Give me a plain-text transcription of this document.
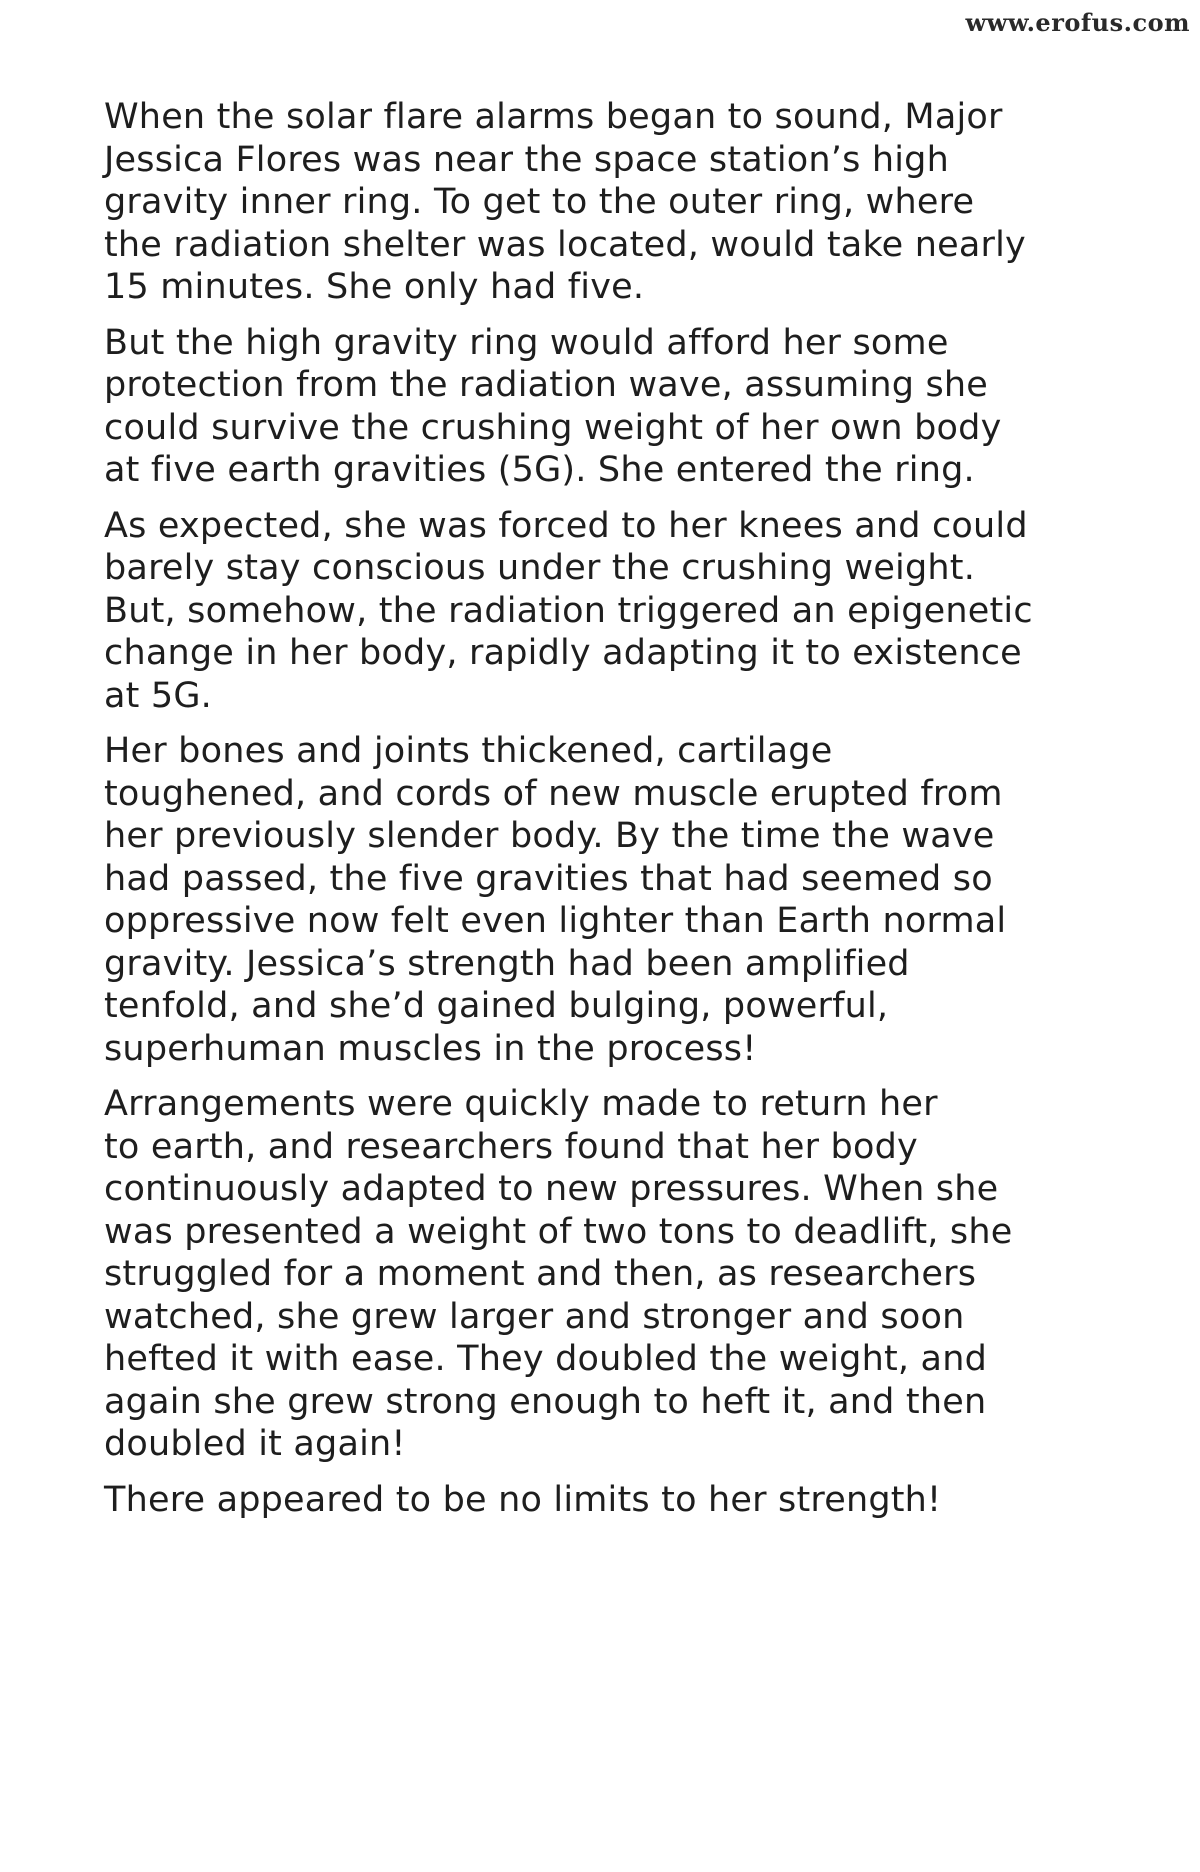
www.erofus.com

When the solar flare alarms began to sound, Major
Jessica Flores was near the space station’s high
gravity inner ring. To get to the outer ring, where
the radiation shelter was located, would take nearly
15 minutes. She only had five.

But the high gravity ring would afford her some
protection from the radiation wave, assuming she
could survive the crushing weight of her own body
at five earth gravities (5G). She entered the ring.

As expected, she was forced to her knees and could
barely stay conscious under the crushing weight.
But, somehow, the radiation triggered an epigenetic
change in her body, rapidly adapting it to existence
at 5G.

Her bones and joints thickened, cartilage
toughened, and cords of new muscle erupted from
her previously slender body. By the time the wave
had passed, the five gravities that had seemed so
oppressive now felt even lighter than Earth normal
gravity. Jessica’s strength had been amplified
tenfold, and she’d gained bulging, powerful,
superhuman muscles in the process!

Arrangements were quickly made to return her
to earth, and researchers found that her body
continuously adapted to new pressures. When she
was presented a weight of two tons to deadlift, she
struggled for a moment and then, as researchers
watched, she grew larger and stronger and soon
hefted it with ease. They doubled the weight, and
again she grew strong enough to heft it, and then
doubled it again!

There appeared to be no limits to her strength!
